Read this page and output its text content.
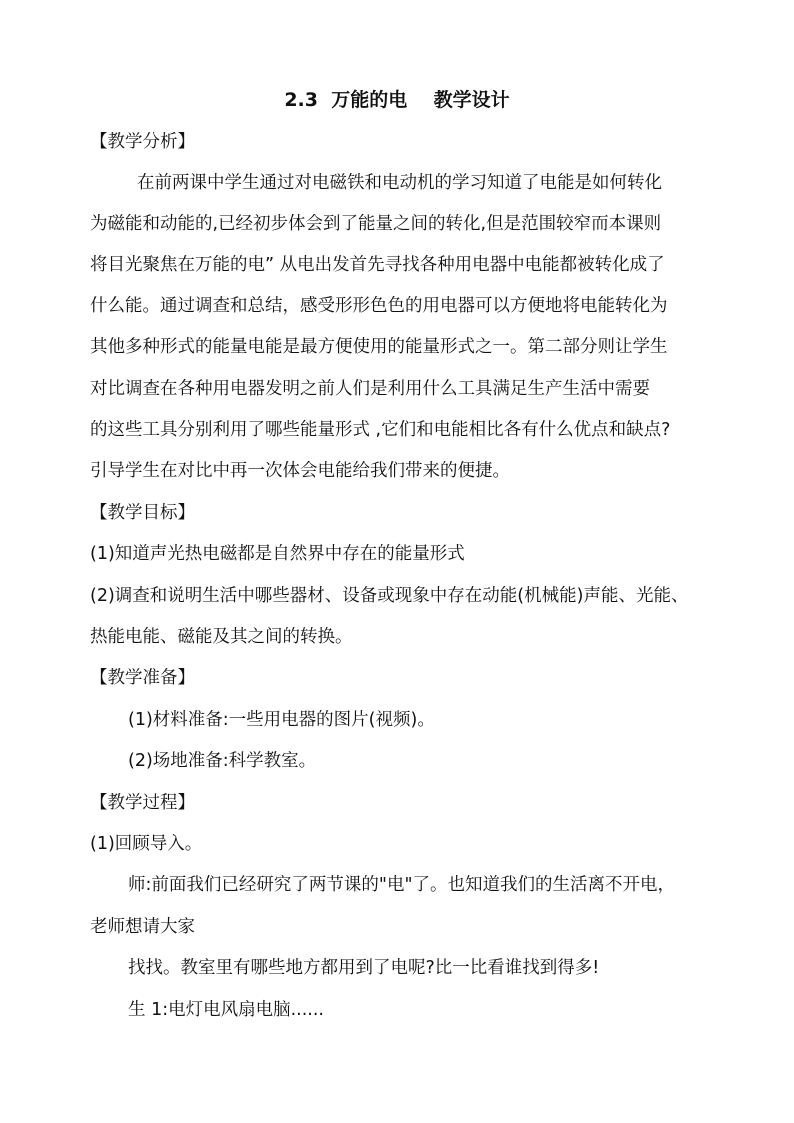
2.3  万能的电    教学设计
【教学分析】
在前两课中学生通过对电磁铁和电动机的学习知道了电能是如何转化
为磁能和动能的,已经初步体会到了能量之间的转化,但是范围较窄而本课则
将目光聚焦在万能的电” 从电出发首先寻找各种用电器中电能都被转化成了
什么能。通过调查和总结，感受形形色色的用电器可以方便地将电能转化为
其他多种形式的能量电能是最方便使用的能量形式之一。第二部分则让学生
对比调查在各种用电器发明之前人们是利用什么工具满足生产生活中需要
的这些工具分别利用了哪些能量形式 ,它们和电能相比各有什么优点和缺点?
引导学生在对比中再一次体会电能给我们带来的便捷。
【教学目标】
(1)知道声光热电磁都是自然界中存在的能量形式
(2)调查和说明生活中哪些器材、设备或现象中存在动能(机械能)声能、光能、
热能电能、磁能及其之间的转换。
【教学准备】
(1)材料准备:一些用电器的图片(视频)。
(2)场地准备:科学教室。
【教学过程】
(1)回顾导入。
师:前面我们已经研究了两节课的"电"了。也知道我们的生活离不开电，
老师想请大家
找找。教室里有哪些地方都用到了电呢?比一比看谁找到得多!
生 1:电灯电风扇电脑......
